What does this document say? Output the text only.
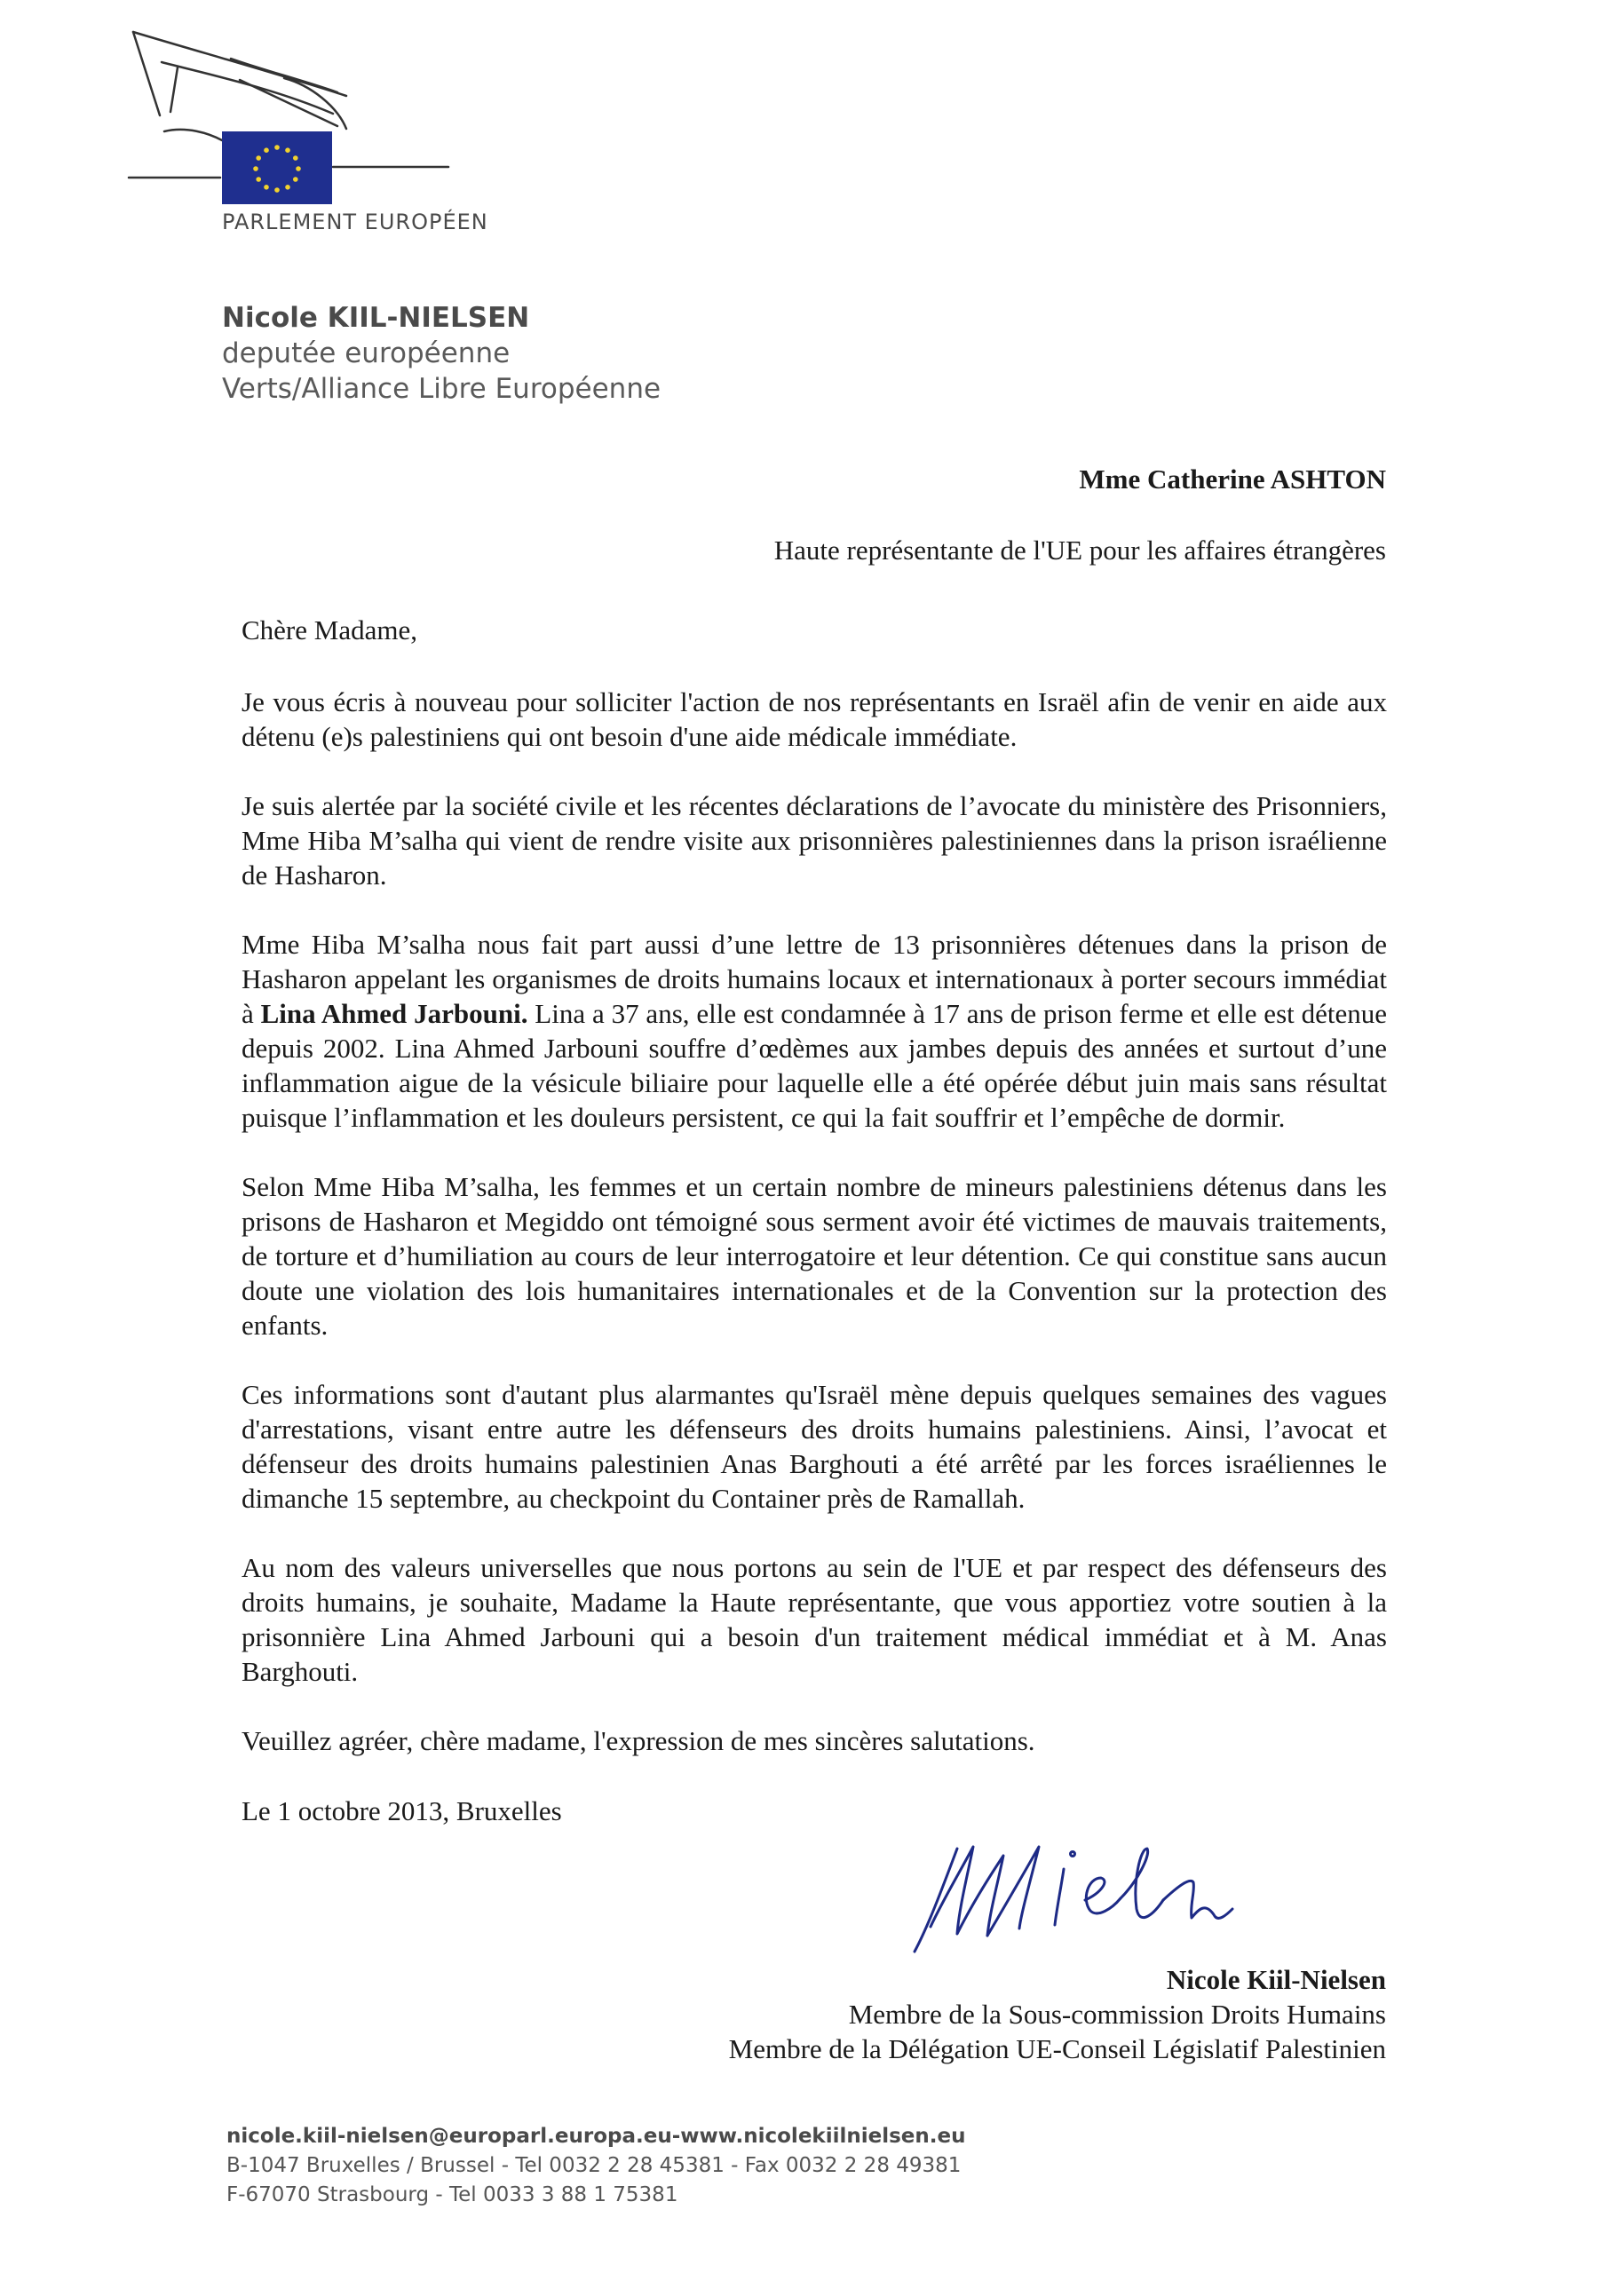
PARLEMENT EUROPÉEN
Nicole KIIL-NIELSEN
deputée européenne
Verts/Alliance Libre Européenne
Mme Catherine ASHTON
Haute représentante de l'UE pour les affaires étrangères

Chère Madame,

Je vous écris à nouveau pour solliciter l'action de nos représentants en Israël afin de venir en aide aux détenu (e)s palestiniens qui ont besoin d'une aide médicale immédiate.

Je suis alertée par la société civile et les récentes déclarations de l’avocate du ministère des Prisonniers, Mme Hiba M’salha qui vient de rendre visite aux prisonnières palestiniennes dans la prison israélienne de Hasharon.

Mme Hiba M’salha nous fait part aussi d’une lettre de 13 prisonnières détenues dans la prison de Hasharon appelant les organismes de droits humains locaux et internationaux à porter secours immédiat à Lina Ahmed Jarbouni. Lina a 37 ans, elle est condamnée à 17 ans de prison ferme et elle est détenue depuis 2002. Lina Ahmed Jarbouni souffre d’œdèmes aux jambes depuis des années et surtout d’une inflammation aigue de la vésicule biliaire pour laquelle elle a été opérée début juin mais sans résultat puisque l’inflammation et les douleurs persistent, ce qui la fait souffrir et l’empêche de dormir.

Selon Mme Hiba M’salha, les femmes et un certain nombre de mineurs palestiniens détenus dans les prisons de Hasharon et Megiddo ont témoigné sous serment avoir été victimes de mauvais traitements, de torture et d’humiliation au cours de leur interrogatoire et leur détention. Ce qui constitue sans aucun doute une violation des lois humanitaires internationales et de la Convention sur la protection des enfants.

Ces informations sont d'autant plus alarmantes qu'Israël mène depuis quelques semaines des vagues d'arrestations, visant entre autre les défenseurs des droits humains palestiniens. Ainsi, l’avocat et défenseur des droits humains palestinien Anas Barghouti a été arrêté par les forces israéliennes le dimanche 15 septembre, au checkpoint du Container près de Ramallah.

Au nom des valeurs universelles que nous portons au sein de l'UE et par respect des défenseurs des droits humains, je souhaite, Madame la Haute représentante, que vous apportiez votre soutien à la prisonnière Lina Ahmed Jarbouni qui a besoin d'un traitement médical immédiat et à M. Anas Barghouti.

Veuillez agréer, chère madame, l'expression de mes sincères salutations.

Le 1 octobre 2013, Bruxelles

Nicole Kiil-Nielsen
Membre de la Sous-commission Droits Humains
Membre de la Délégation UE-Conseil Législatif Palestinien
nicole.kiil-nielsen@europarl.europa.eu-www.nicolekiilnielsen.eu
B-1047 Bruxelles / Brussel - Tel 0032 2 28 45381 - Fax 0032 2 28 49381
F-67070 Strasbourg - Tel 0033 3 88 1 75381
